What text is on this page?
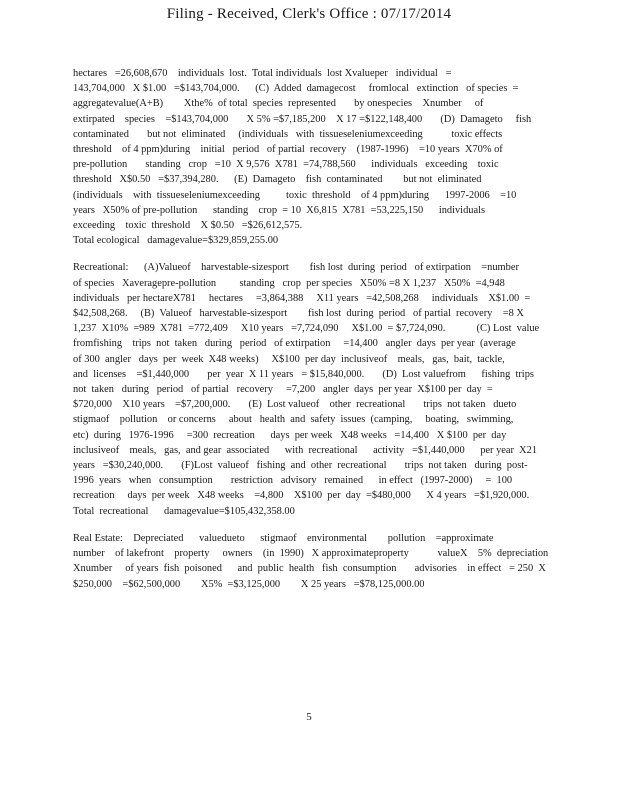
Filing - Received, Clerk's Office : 07/17/2014
hectares   =26,608,670    individuals  lost.  Total individuals  lost Xvalueper   individual   =
143,704,000   X $1.00   =$143,704,000.      (C)  Added  damagecost     fromlocal   extinction   of species  =
aggregatevalue(A+B)        Xthe%  of total  species  represented       by onespecies    Xnumber     of
extirpated    species    =$143,704,000       X 5% =$7,185,200    X 17 =$122,148,400       (D)  Damageto     fish
contaminated       but not  eliminated     (individuals   with  tissueseleniumexceeding           toxic effects
threshold    of 4 ppm)during    initial   period   of partial  recovery    (1987-1996)    =10 years  X70% of
pre-pollution       standing   crop   =10  X 9,576  X781  =74,788,560      individuals   exceeding    toxic
threshold   X$0.50   =$37,394,280.      (E)  Damageto    fish  contaminated        but not  eliminated
(individuals    with  tissueseleniumexceeding          toxic  threshold    of 4 ppm)during      1997-2006    =10
years   X50% of pre-pollution      standing    crop  = 10  X6,815  X781  =53,225,150      individuals
exceeding    toxic  threshold    X $0.50   =$26,612,575.
Total ecological   damagevalue=$329,859,255.00
Recreational:      (A)Valueof    harvestable-sizesport        fish lost  during  period   of extirpation    =number
of species   Xaveragepre-pollution         standing   crop  per species   X50% =8 X 1,237   X50%  =4,948
individuals   per hectareX781     hectares     =3,864,388     X11 years   =42,508,268     individuals    X$1.00  =
$42,508,268.     (B)  Valueof   harvestable-sizesport        fish lost  during  period   of partial  recovery    =8 X
1,237  X10%  =989  X781  =772,409     X10 years   =7,724,090     X$1.00  = $7,724,090.            (C) Lost  value
fromfishing    trips  not  taken   during   period   of extirpation     =14,400   angler  days  per year  (average
of 300  angler   days  per  week  X48 weeks)     X$100  per day  inclusiveof    meals,   gas,  bait,  tackle,
and  licenses    =$1,440,000       per  year  X 11 years   = $15,840,000.       (D)  Lost valuefrom      fishing  trips
not  taken   during   period   of partial   recovery     =7,200   angler  days  per year  X$100 per  day  =
$720,000    X10 years    =$7,200,000.       (E)  Lost valueof    other  recreational       trips  not taken   dueto
stigmaof    pollution    or concerns     about   health  and  safety  issues  (camping,     boating,   swimming,
etc)  during   1976-1996     =300  recreation      days  per week   X48 weeks   =14,400   X $100  per  day
inclusiveof    meals,   gas,  and gear  associated      with  recreational      activity   =$1,440,000      per year  X21
years   =$30,240,000.       (F)Lost  valueof   fishing  and  other  recreational       trips  not taken   during  post-
1996  years   when   consumption       restriction   advisory   remained      in effect   (1997-2000)     =  100
recreation     days  per week   X48 weeks    =4,800    X$100  per  day  =$480,000      X 4 years   =$1,920,000.
Total  recreational      damagevalue=$105,432,358.00
Real Estate:    Depreciated      valuedueto      stigmaof    environmental        pollution    =approximate
number    of lakefront    property     owners    (in  1990)   X approximateproperty           valueX    5%  depreciation
Xnumber     of years  fish  poisoned      and  public  health   fish  consumption       advisories    in effect   = 250  X
$250,000    =$62,500,000        X5%  =$3,125,000        X 25 years   =$78,125,000.00
5
